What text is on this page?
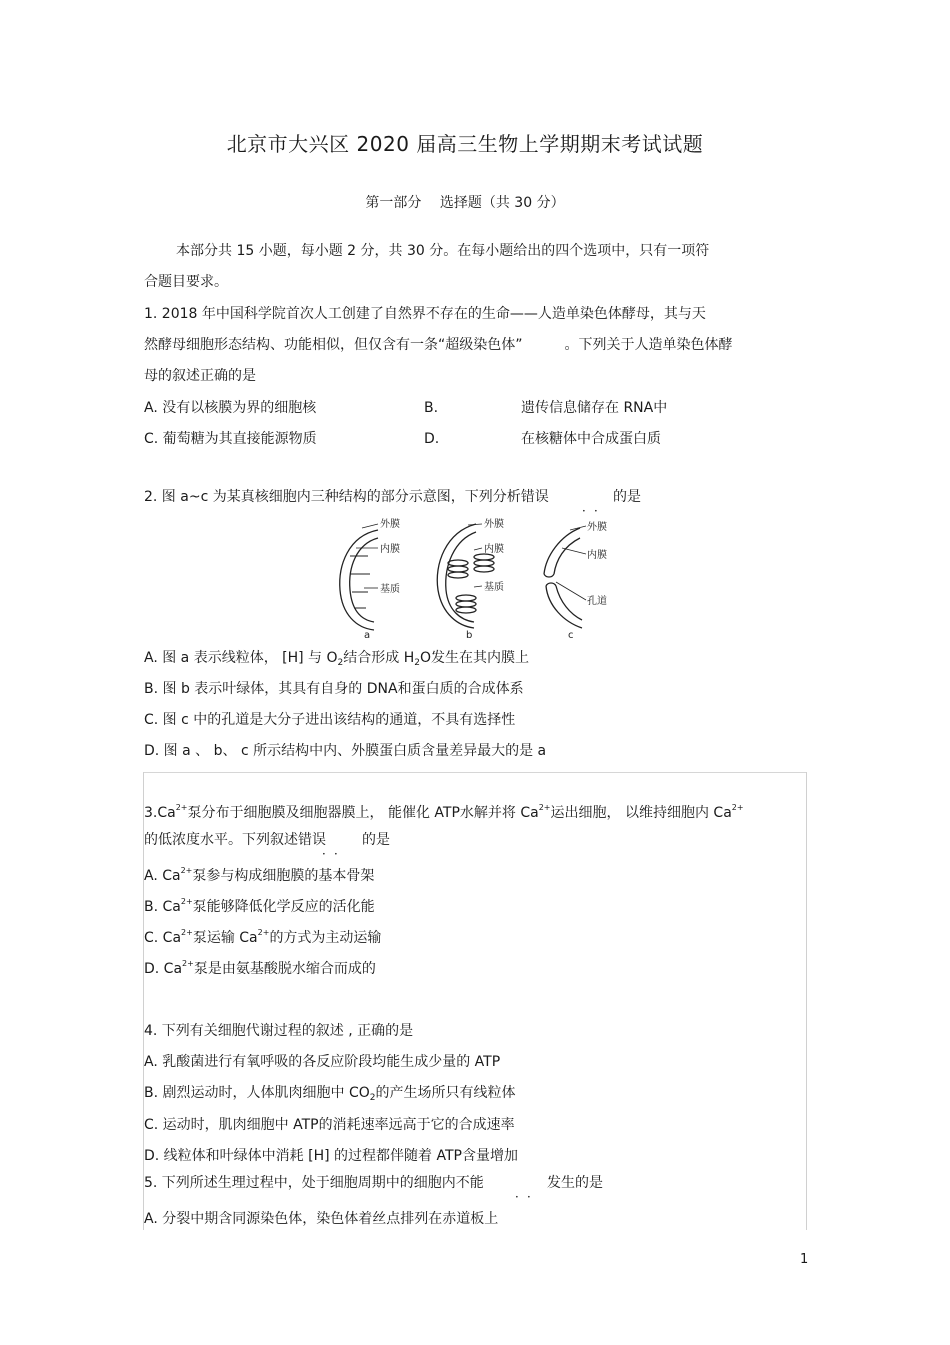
北京市大兴区 2020 届高三生物上学期期末考试试题
第一部分　 选择题（共 30 分）
本部分共 15 小题，每小题 2 分，共 30 分。在每小题给出的四个选项中，只有一项符
合题目要求。
1. 2018 年中国科学院首次人工创建了自然界不存在的生命——人造单染色体酵母，其与天
然酵母细胞形态结构、功能相似，但仅含有一条“超级染色体”　　　。下列关于人造单染色体酵
母的叙述正确的是
A. 没有以核膜为界的细胞核	B.	遗传信息储存在 RNA中
C. 葡萄糖为其直接能源物质	D.	在核糖体中合成蛋白质
2. 图 a~c 为某真核细胞内三种结构的部分示意图，下列分析错误
．．
的是
外膜
内膜
基质
a
外膜
内膜
基质
b
外膜
内膜
孔道
c
A. 图 a 表示线粒体， [H] 与 $O_2$结合形成 $H_2O$发生在其内膜上
B. 图 b 表示叶绿体，其具有自身的 DNA和蛋白质的合成体系
C. 图 c 中的孔道是大分子进出该结构的通道，不具有选择性
D. 图 a 、 b、 c 所示结构中内、外膜蛋白质含量差异最大的是 a
$3.Ca^{2+}$泵分布于细胞膜及细胞器膜上， 能催化 ATP水解并将 $Ca^{2+}$运出细胞， 以维持细胞内 $Ca^{2+}$
的低浓度水平。下列叙述错误
．．
的是
A. $Ca^{2+}$泵参与构成细胞膜的基本骨架
B. $Ca^{2+}$泵能够降低化学反应的活化能
C. $Ca^{2+}$泵运输 $Ca^{2+}$的方式为主动运输
D. $Ca^{2+}$泵是由氨基酸脱水缩合而成的
4. 下列有关细胞代谢过程的叙述 , 正确的是
A. 乳酸菌进行有氧呼吸的各反应阶段均能生成少量的 ATP
B. 剧烈运动时，人体肌肉细胞中 $CO_2$的产生场所只有线粒体
C. 运动时，肌肉细胞中 ATP的消耗速率远高于它的合成速率
D. 线粒体和叶绿体中消耗 [H] 的过程都伴随着 ATP含量增加
5. 下列所述生理过程中，处于细胞周期中的细胞内不能
．．
发生的是
A. 分裂中期含同源染色体，染色体着丝点排列在赤道板上
1
